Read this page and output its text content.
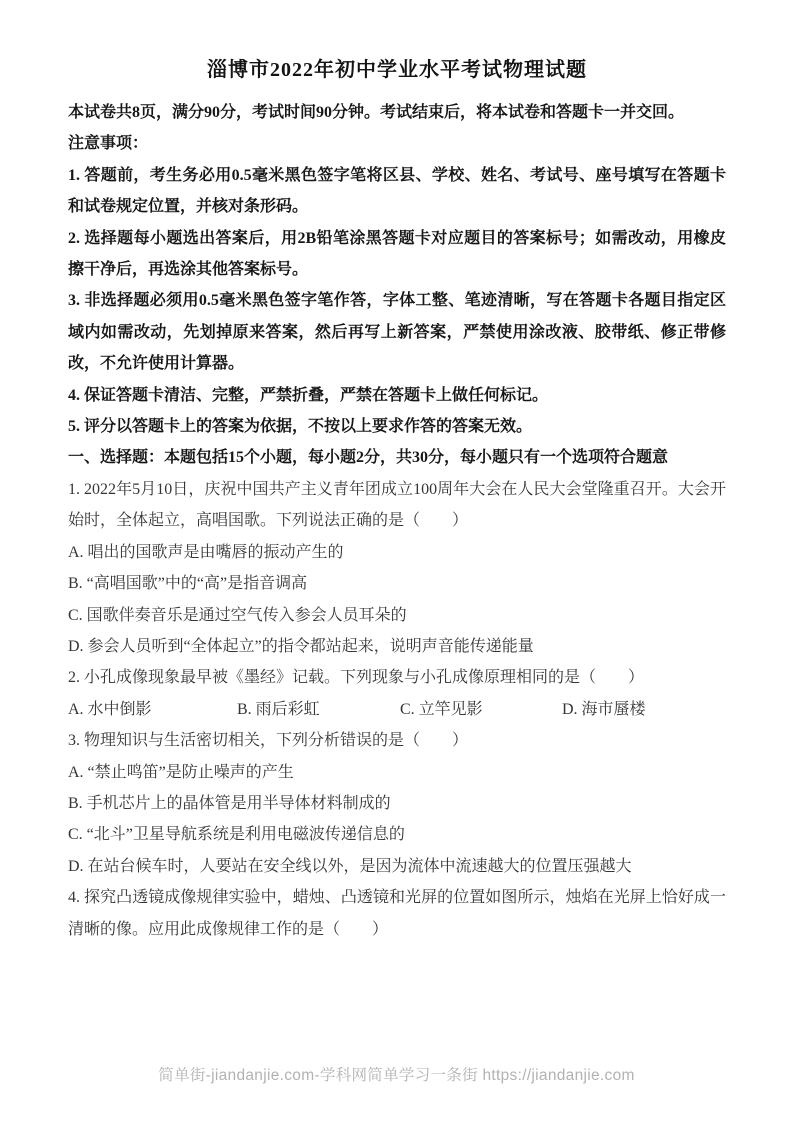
淄博市2022年初中学业水平考试物理试题

本试卷共8页，满分90分，考试时间90分钟。考试结束后，将本试卷和答题卡一并交回。

注意事项：

1. 答题前，考生务必用0.5毫米黑色签字笔将区县、学校、姓名、考试号、座号填写在答题卡和试卷规定位置，并核对条形码。

2. 选择题每小题选出答案后，用2B铅笔涂黑答题卡对应题目的答案标号；如需改动，用橡皮擦干净后，再选涂其他答案标号。

3. 非选择题必须用0.5毫米黑色签字笔作答，字体工整、笔迹清晰，写在答题卡各题目指定区域内如需改动，先划掉原来答案，然后再写上新答案，严禁使用涂改液、胶带纸、修正带修改，不允许使用计算器。

4. 保证答题卡清洁、完整，严禁折叠，严禁在答题卡上做任何标记。

5. 评分以答题卡上的答案为依据，不按以上要求作答的答案无效。

一、选择题：本题包括15个小题，每小题2分，共30分，每小题只有一个选项符合题意

1. 2022年5月10日，庆祝中国共产主义青年团成立100周年大会在人民大会堂隆重召开。大会开始时，全体起立，高唱国歌。下列说法正确的是（　　）

A. 唱出的国歌声是由嘴唇的振动产生的

B. “高唱国歌”中的“高”是指音调高

C. 国歌伴奏音乐是通过空气传入参会人员耳朵的

D. 参会人员听到“全体起立”的指令都站起来，说明声音能传递能量

2. 小孔成像现象最早被《墨经》记载。下列现象与小孔成像原理相同的是（　　）

A. 水中倒影	B. 雨后彩虹	C. 立竿见影	D. 海市蜃楼

3. 物理知识与生活密切相关，下列分析错误的是（　　）

A. “禁止鸣笛”是防止噪声的产生

B. 手机芯片上的晶体管是用半导体材料制成的

C. “北斗”卫星导航系统是利用电磁波传递信息的

D. 在站台候车时，人要站在安全线以外，是因为流体中流速越大的位置压强越大

4. 探究凸透镜成像规律实验中，蜡烛、凸透镜和光屏的位置如图所示，烛焰在光屏上恰好成一清晰的像。应用此成像规律工作的是（　　）

简单街-jiandanjie.com-学科网简单学习一条街 https://jiandanjie.com
